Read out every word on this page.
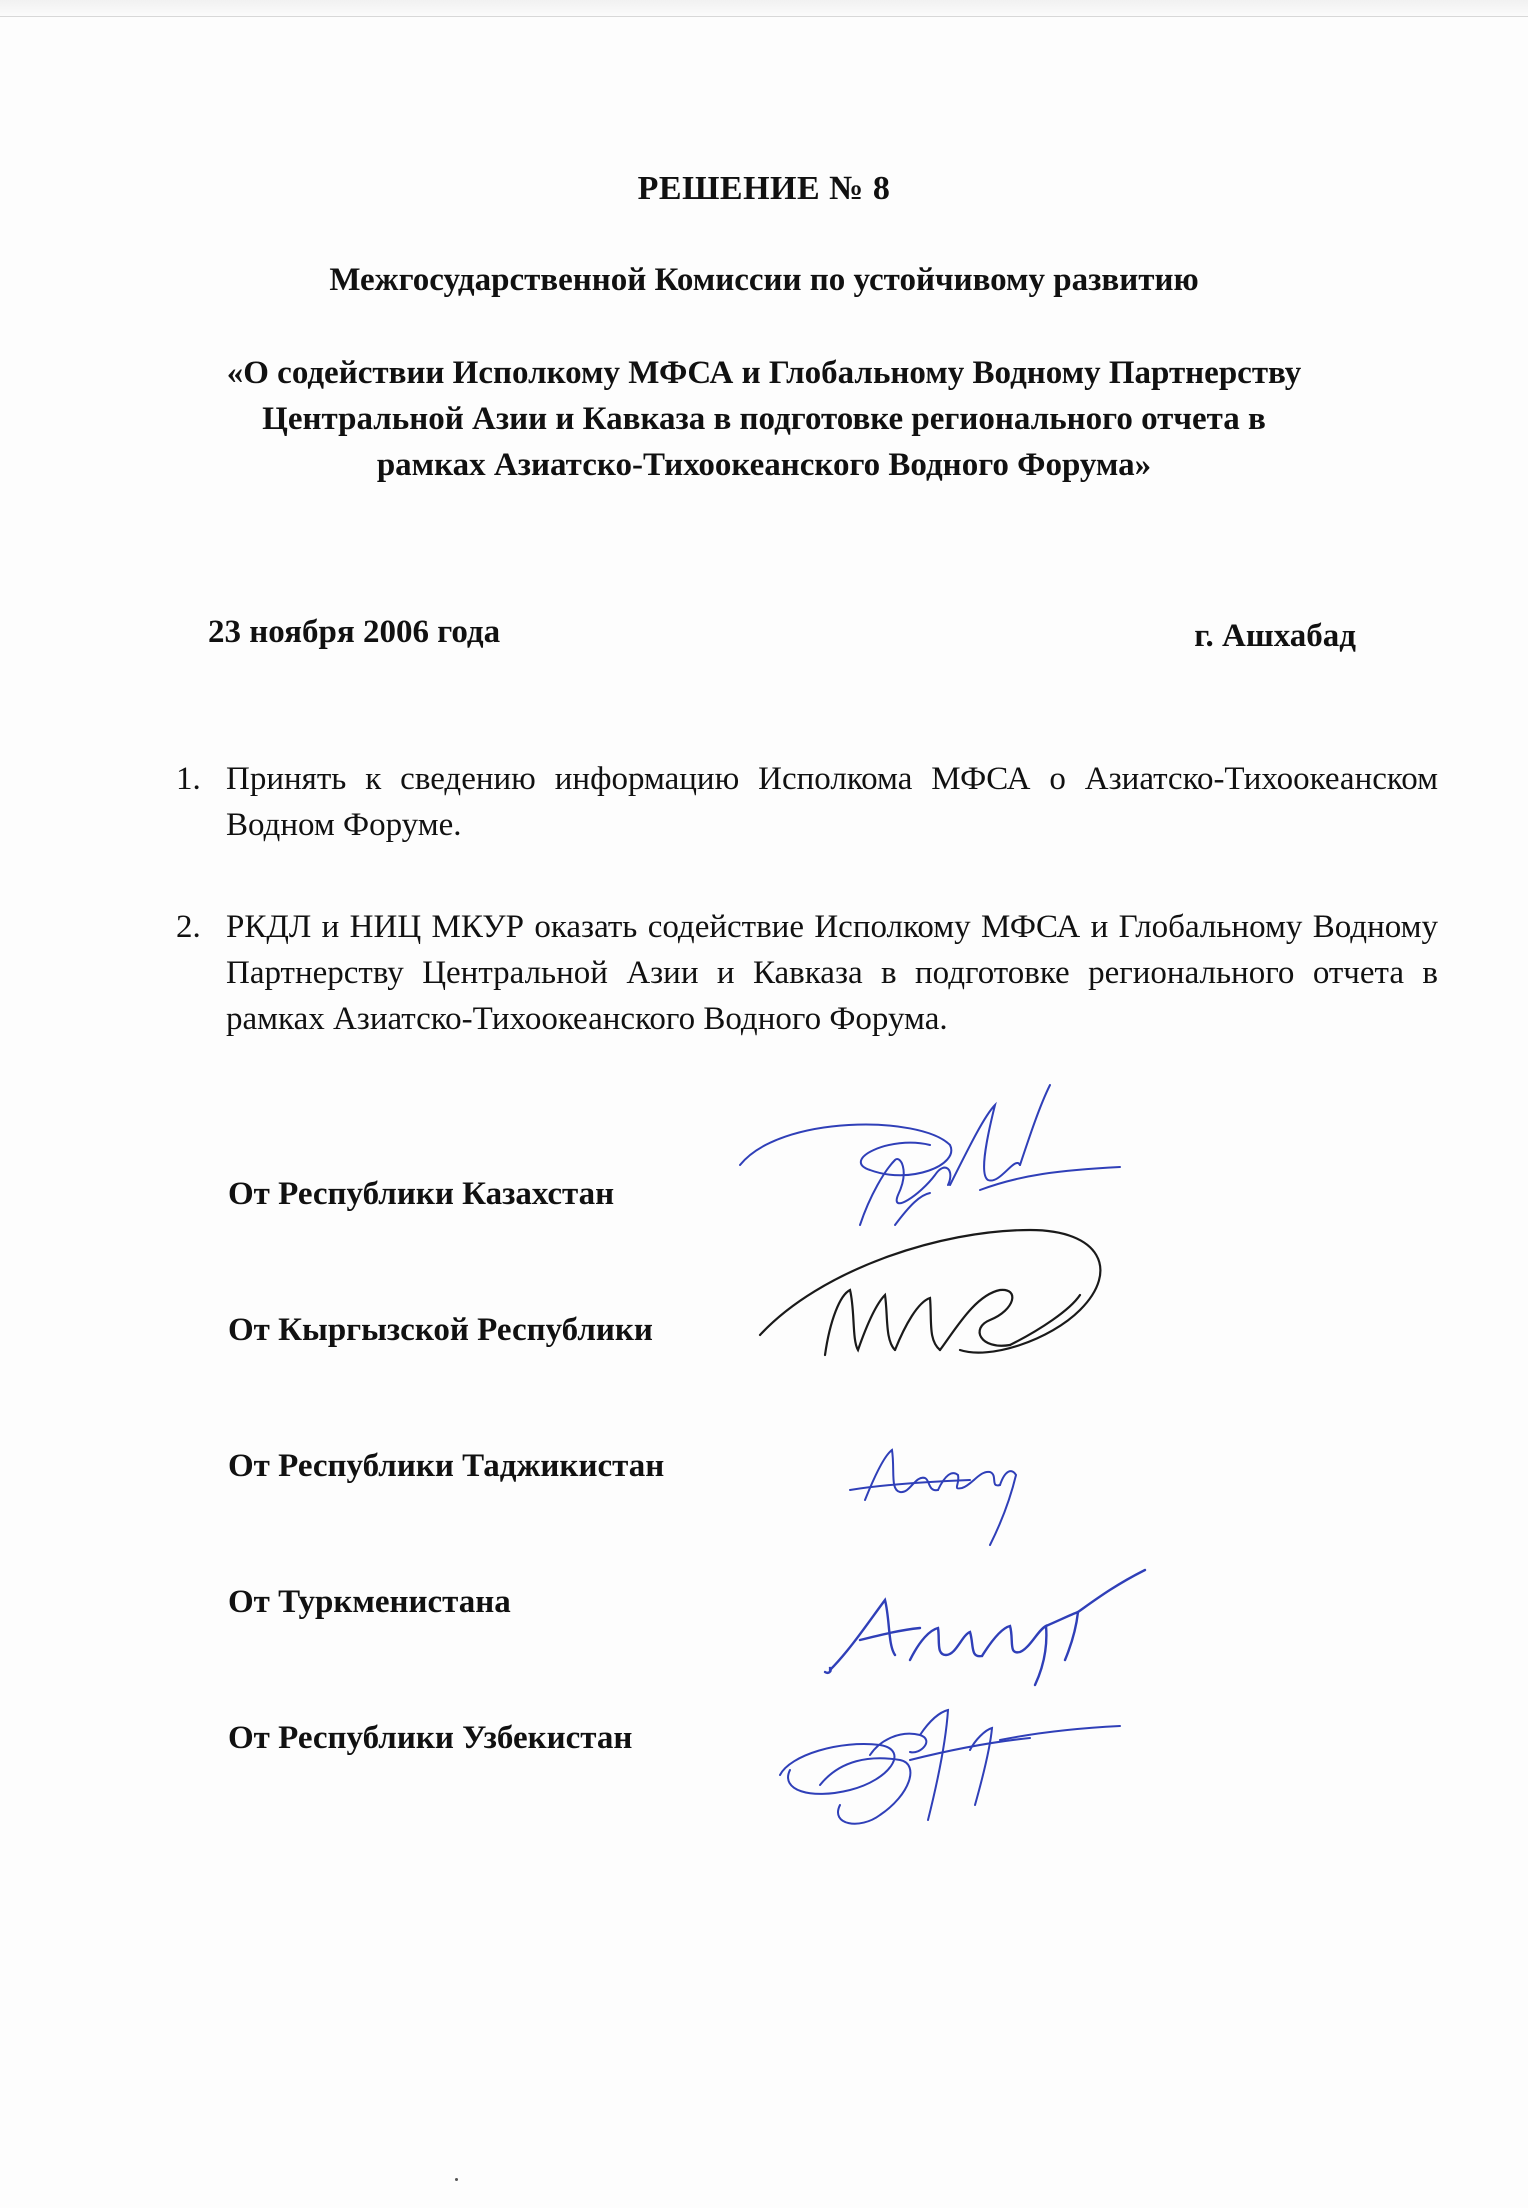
РЕШЕНИЕ № 8
Межгосударственной Комиссии по устойчивому развитию
«О содействии Исполкому МФСА и Глобальному Водному Партнерству
Центральной Азии и Кавказа в подготовке регионального отчета в
рамках Азиатско-Тихоокеанского Водного Форума»
23 ноября 2006 года	г. Ашхабад
1. Принять к сведению информацию Исполкома МФСА о Азиатско-Тихоокеанском Водном Форуме.
2. РКДЛ и НИЦ МКУР оказать содействие Исполкому МФСА и Глобальному Водному Партнерству Центральной Азии и Кавказа в подготовке регионального отчета в рамках Азиатско-Тихоокеанского Водного Форума.
От Республики Казахстан
От Кыргызской Республики
От Республики Таджикистан
От Туркменистана
От Республики Узбекистан
